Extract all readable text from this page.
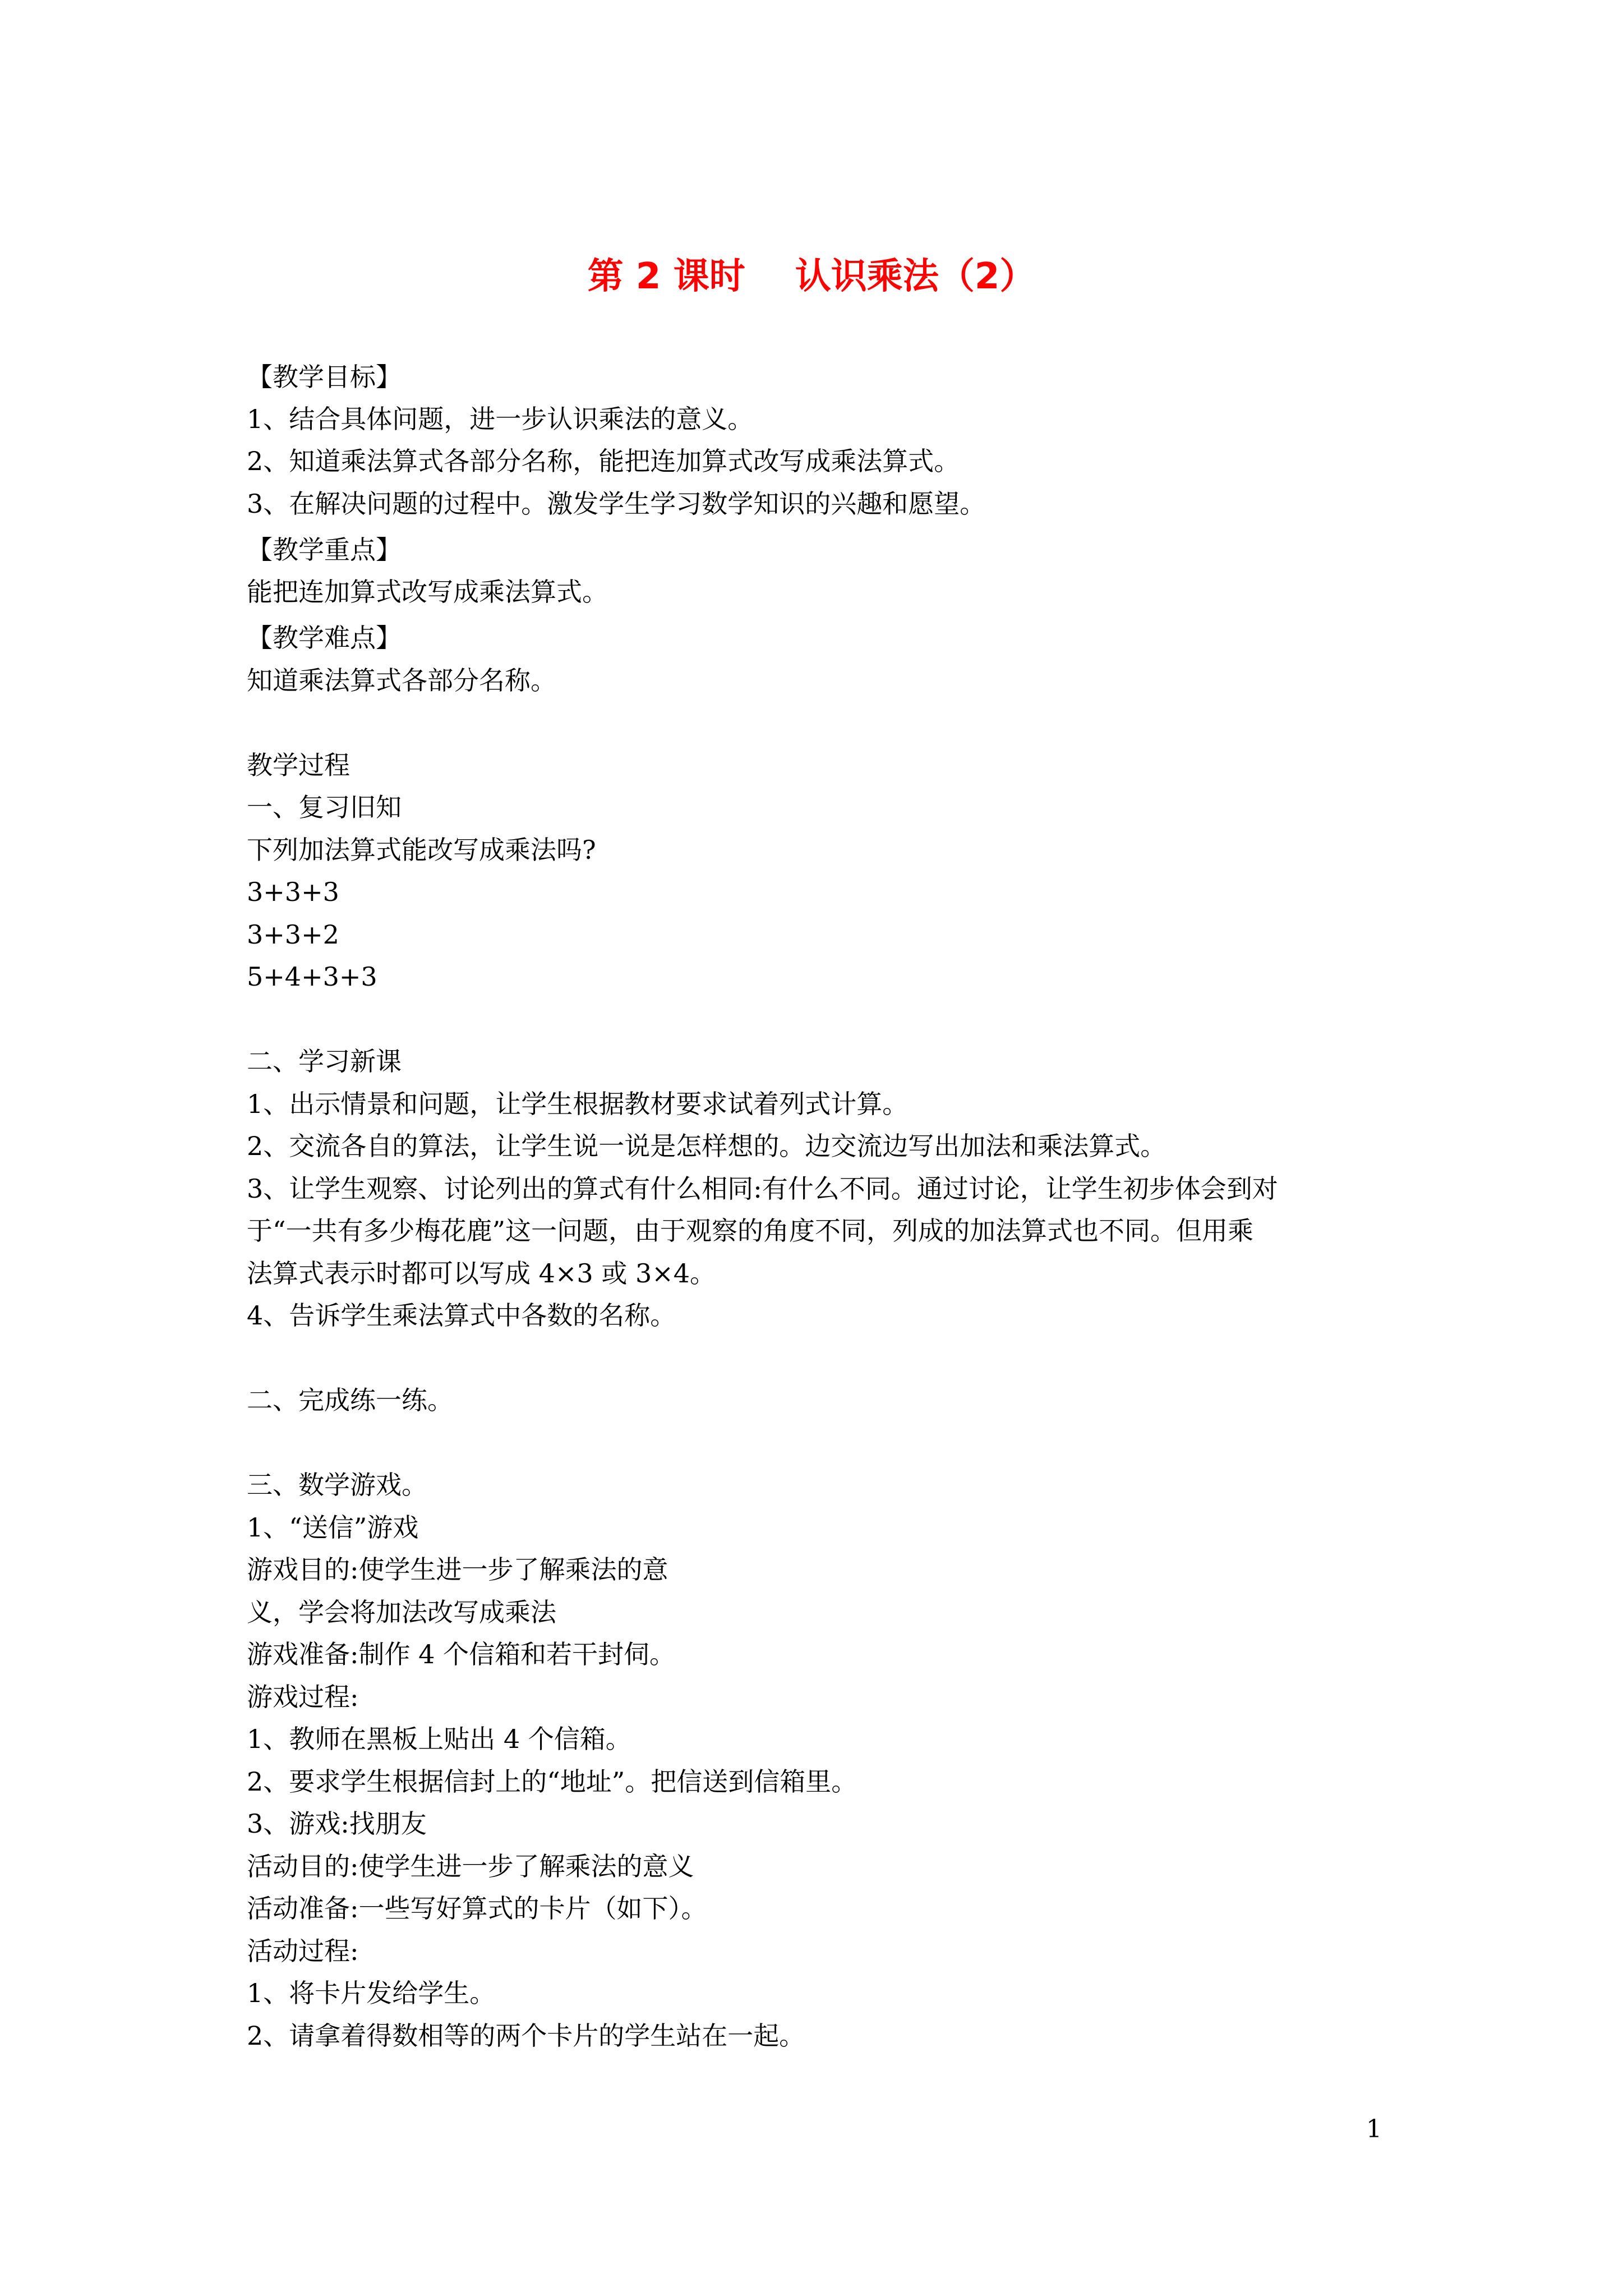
第 2 课时    认识乘法（2）
【教学目标】
1、结合具体问题，进一步认识乘法的意义。
2、知道乘法算式各部分名称，能把连加算式改写成乘法算式。
3、在解决问题的过程中。激发学生学习数学知识的兴趣和愿望。
【教学重点】
能把连加算式改写成乘法算式。
【教学难点】
知道乘法算式各部分名称。
教学过程
一、复习旧知
下列加法算式能改写成乘法吗?
3+3+3
3+3+2
5+4+3+3
二、学习新课
1、出示情景和问题，让学生根据教材要求试着列式计算。
2、交流各自的算法，让学生说一说是怎样想的。边交流边写出加法和乘法算式。
3、让学生观察、讨论列出的算式有什么相同:有什么不同。通过讨论，让学生初步体会到对
于“一共有多少梅花鹿”这一问题，由于观察的角度不同，列成的加法算式也不同。但用乘
法算式表示时都可以写成 4×3 或 3×4。
4、告诉学生乘法算式中各数的名称。
二、完成练一练。
三、数学游戏。
1、“送信”游戏
游戏目的:使学生进一步了解乘法的意
义，学会将加法改写成乘法
游戏准备:制作 4 个信箱和若干封伺。
游戏过程:
1、教师在黑板上贴出 4 个信箱。
2、要求学生根据信封上的“地址”。把信送到信箱里。
3、游戏:找朋友
活动目的:使学生进一步了解乘法的意义
活动准备:一些写好算式的卡片（如下）。
活动过程:
1、将卡片发给学生。
2、请拿着得数相等的两个卡片的学生站在一起。
1
